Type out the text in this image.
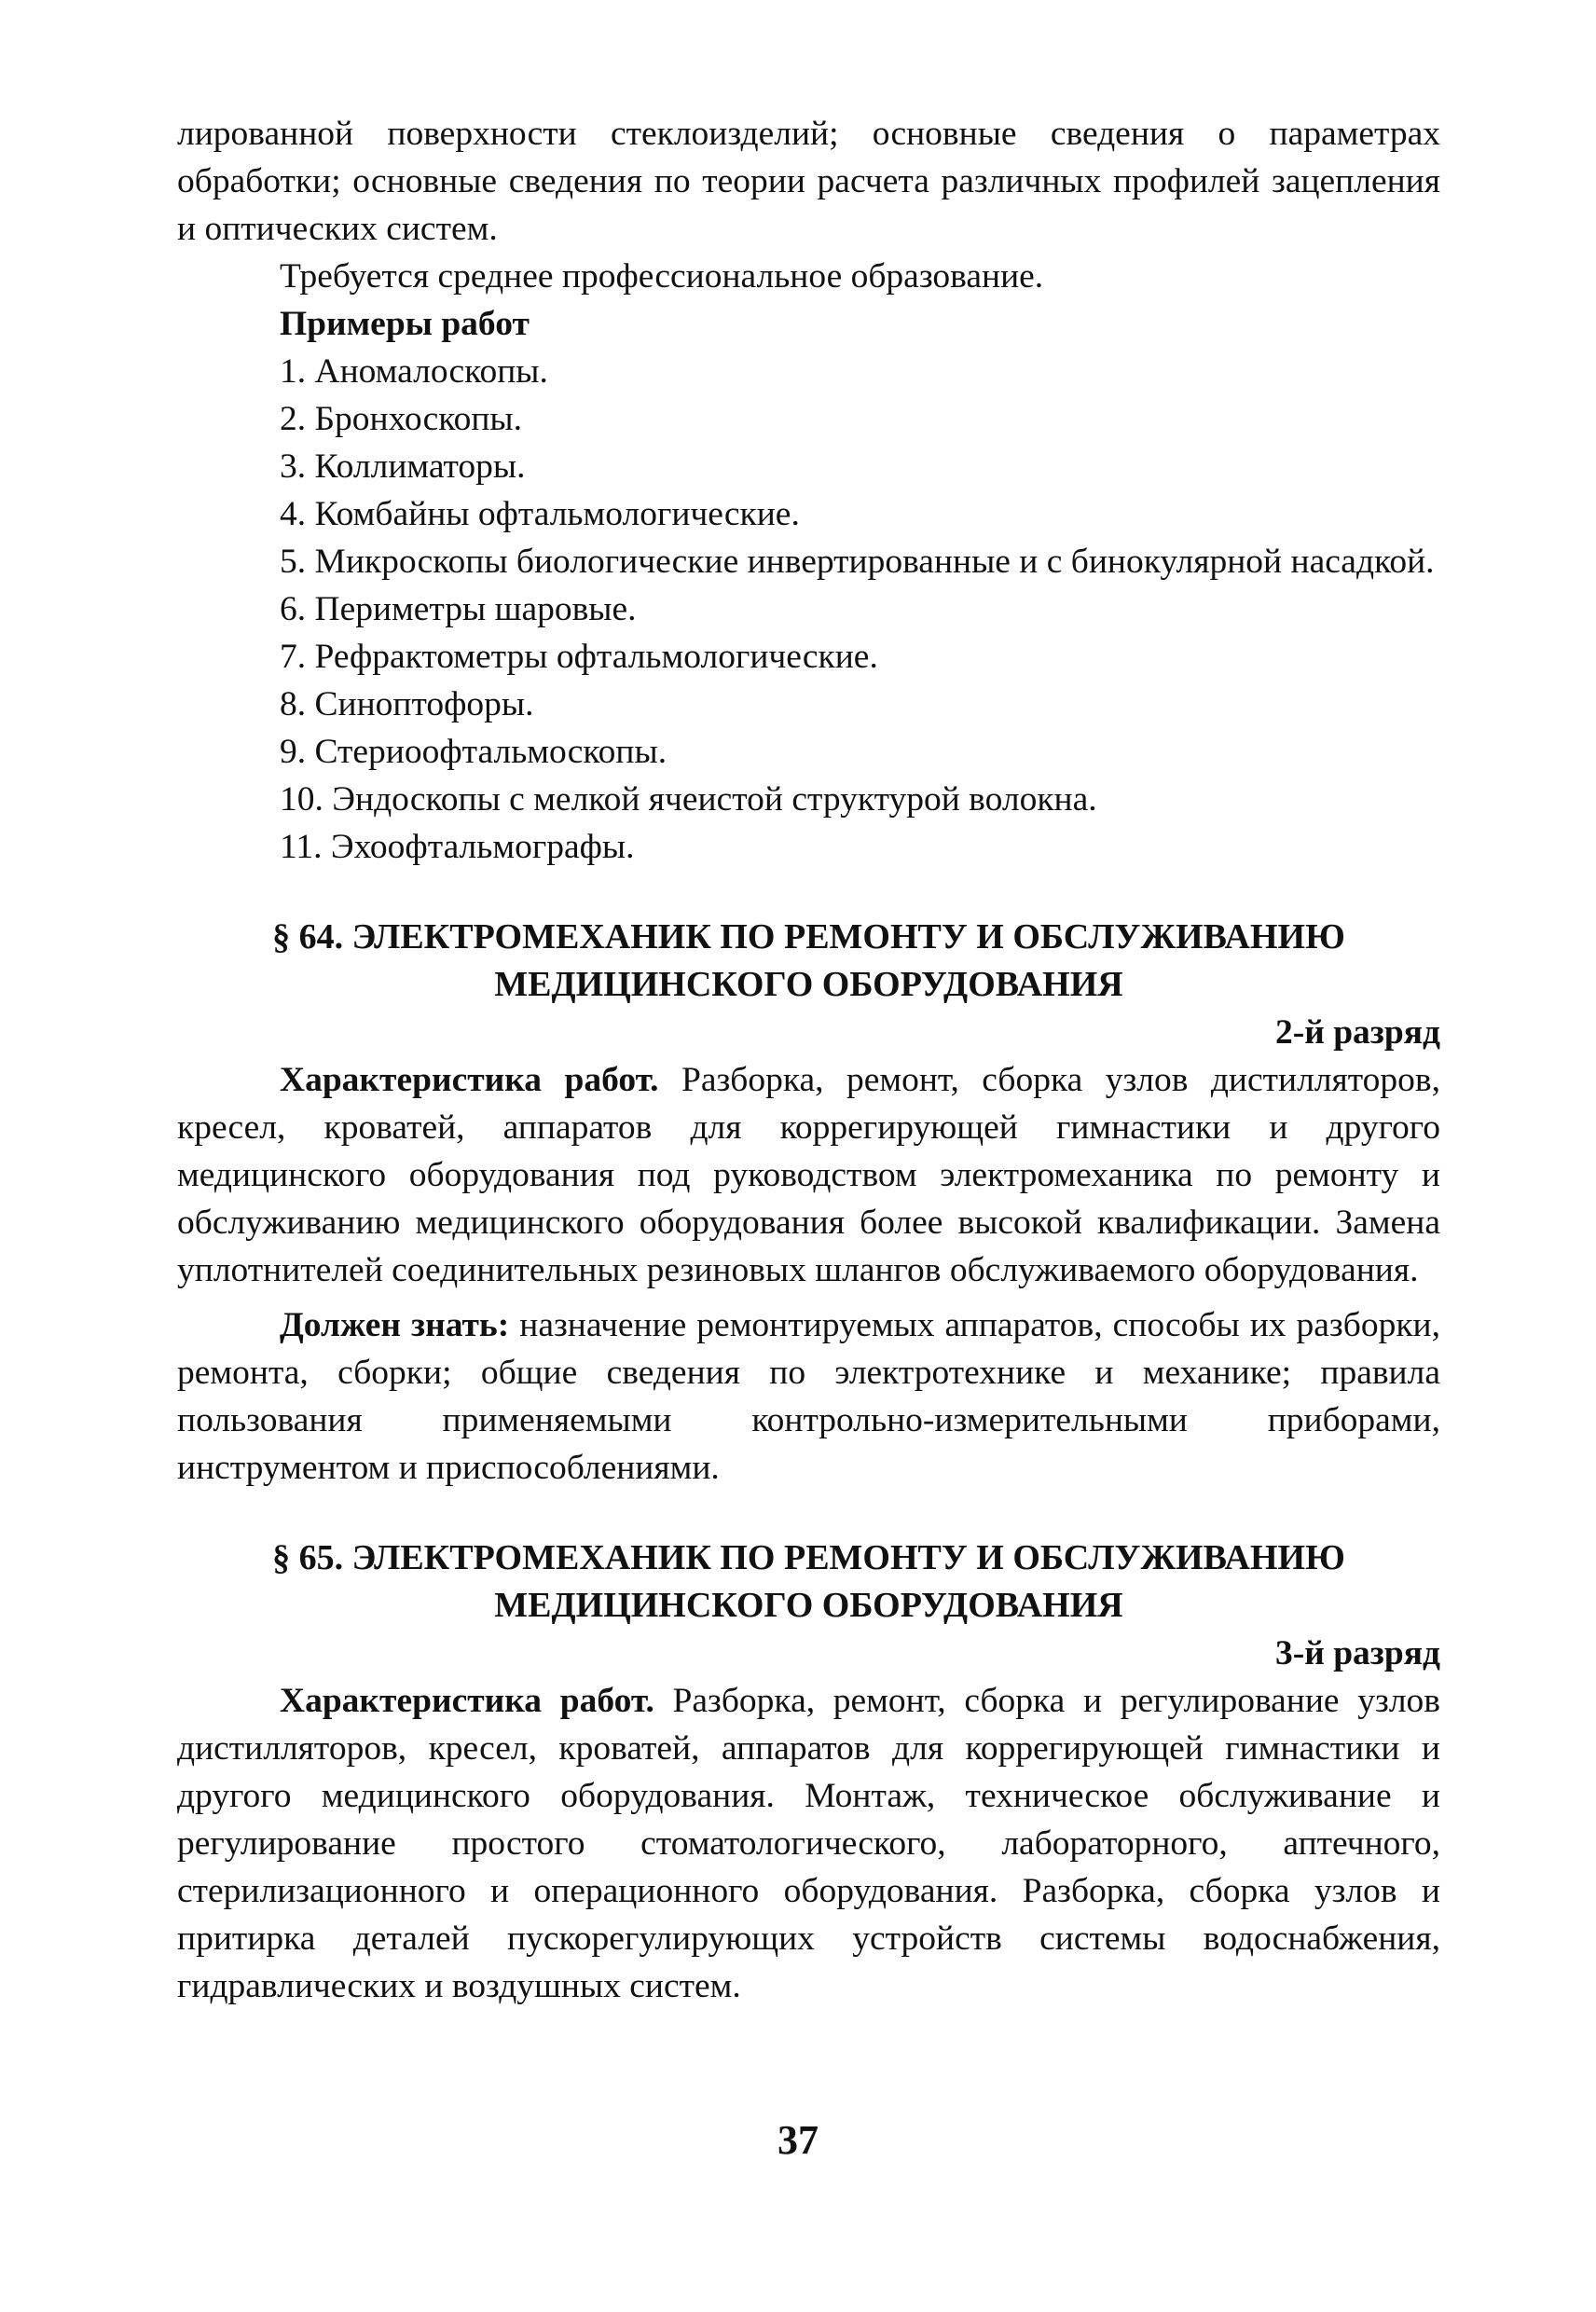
лированной поверхности стеклоизделий; основные сведения о параметрах обработки; основные сведения по теории расчета различных профилей зацепления и оптических систем.

Требуется среднее профессиональное образование.

Примеры работ

1. Аномалоскопы.

2. Бронхоскопы.

3. Коллиматоры.

4. Комбайны офтальмологические.

5. Микроскопы биологические инвертированные и с бинокулярной насадкой.

6. Периметры шаровые.

7. Рефрактометры офтальмологические.

8. Синоптофоры.

9. Стериоофтальмоскопы.

10. Эндоскопы с мелкой ячеистой структурой волокна.

11. Эхоофтальмографы.

§ 64. ЭЛЕКТРОМЕХАНИК ПО РЕМОНТУ И ОБСЛУЖИВАНИЮ

МЕДИЦИНСКОГО ОБОРУДОВАНИЯ

2-й разряд

Характеристика работ. Разборка, ремонт, сборка узлов дистилляторов, кресел, кроватей, аппаратов для коррегирующей гимнастики и другого медицинского оборудования под руководством электромеханика по ремонту и обслуживанию медицинского оборудования более высокой квалификации. Замена уплотнителей соединительных резиновых шлангов обслуживаемого оборудования.

Должен знать: назначение ремонтируемых аппаратов, способы их разборки, ремонта, сборки; общие сведения по электротехнике и механике; правила пользования применяемыми контрольно-измерительными приборами, инструментом и приспособлениями.

§ 65. ЭЛЕКТРОМЕХАНИК ПО РЕМОНТУ И ОБСЛУЖИВАНИЮ

МЕДИЦИНСКОГО ОБОРУДОВАНИЯ

3-й разряд

Характеристика работ. Разборка, ремонт, сборка и регулирование узлов дистилляторов, кресел, кроватей, аппаратов для коррегирующей гимнастики и другого медицинского оборудования. Монтаж, техническое обслуживание и регулирование простого стоматологического, лабораторного, аптечного, стерилизационного и операционного оборудования. Разборка, сборка узлов и притирка деталей пускорегулирующих устройств системы водоснабжения, гидравлических и воздушных систем.

37
